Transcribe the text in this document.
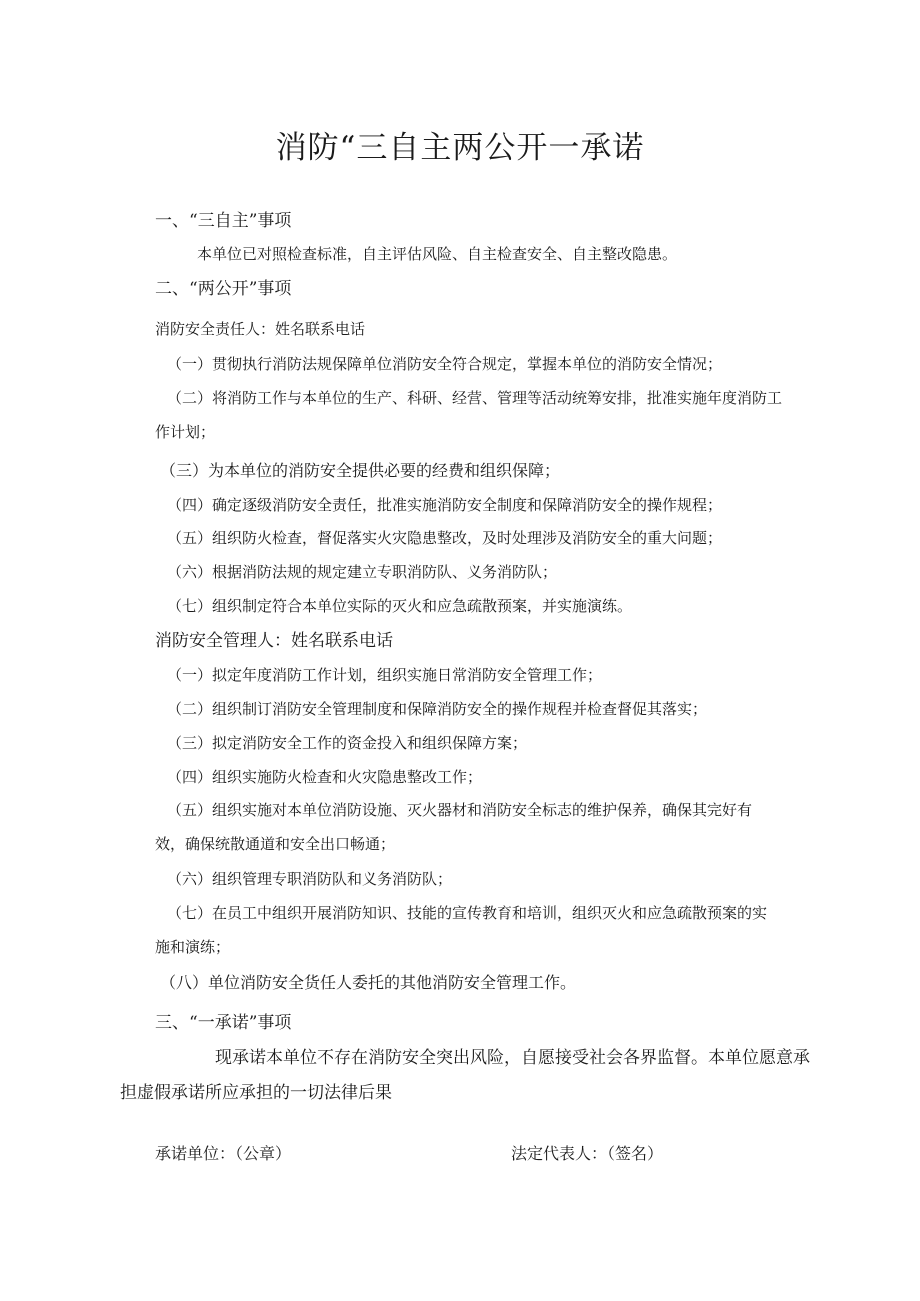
消防“三自主两公开一承诺
一、“三自主”事项
本单位已对照检查标准，自主评估风险、自主检查安全、自主整改隐患。
二、“两公开”事项
消防安全责任人：姓名联系电话
（一）贯彻执行消防法规保障单位消防安全符合规定，掌握本单位的消防安全情况；
（二）将消防工作与本单位的生产、科研、经营、管理等活动统筹安排，批准实施年度消防工
作计划；
（三）为本单位的消防安全提供必要的经费和组织保障；
（四）确定逐级消防安全责任，批准实施消防安全制度和保障消防安全的操作规程；
（五）组织防火检查，督促落实火灾隐患整改，及时处理涉及消防安全的重大问题；
（六）根据消防法规的规定建立专职消防队、义务消防队；
（七）组织制定符合本单位实际的灭火和应急疏散预案，并实施演练。
消防安全管理人：姓名联系电话
（一）拟定年度消防工作计划，组织实施日常消防安全管理工作；
（二）组织制订消防安全管理制度和保障消防安全的操作规程并检查督促其落实；
（三）拟定消防安全工作的资金投入和组织保障方案；
（四）组织实施防火检查和火灾隐患整改工作；
（五）组织实施对本单位消防设施、灭火器材和消防安全标志的维护保养，确保其完好有
效，确保统散通道和安全出口畅通；
（六）组织管理专职消防队和义务消防队；
（七）在员工中组织开展消防知识、技能的宣传教育和培训，组织灭火和应急疏散预案的实
施和演练；
（八）单位消防安全货任人委托的其他消防安全管理工作。
三、“一承诺”事项
现承诺本单位不存在消防安全突出风险，自愿接受社会各界监督。本单位愿意承
担虚假承诺所应承担的一切法律后果
承诺单位：（公章）	法定代表人：（签名）
